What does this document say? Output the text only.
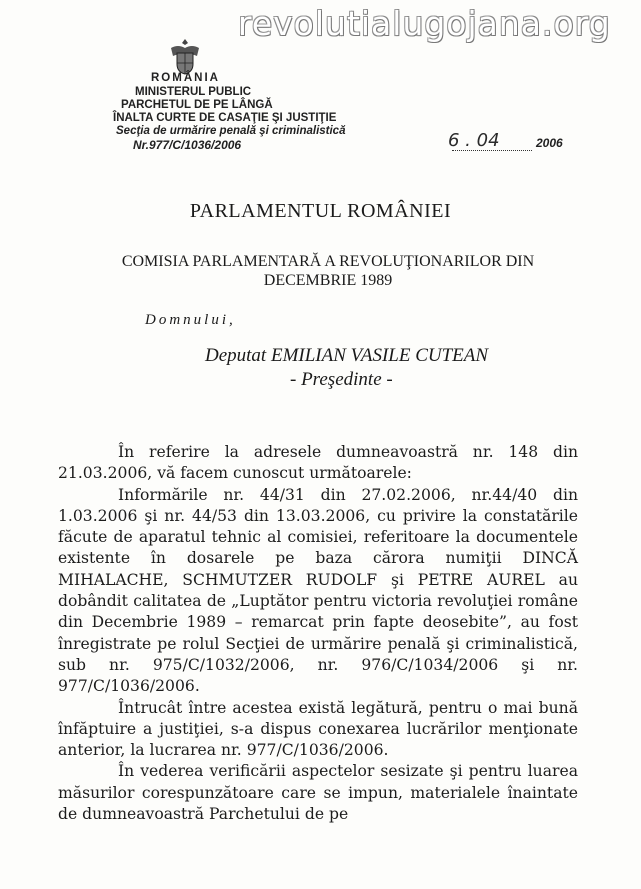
revolutialugojana.org
ROMÂNIA
MINISTERUL PUBLIC
PARCHETUL DE PE LÂNGĂ
ÎNALTA CURTE DE CASAŢIE ŞI JUSTIŢIE
Secţia de urmărire penală şi criminalistică
Nr.977/C/1036/2006	6 . 04	2006
PARLAMENTUL ROMÂNIEI
COMISIA PARLAMENTARĂ A REVOLUŢIONARILOR DIN DECEMBRIE 1989
Domnului,
Deputat EMILIAN VASILE CUTEAN
- Preşedinte -

În referire la adresele dumneavoastră nr. 148 din 21.03.2006, vă facem cunoscut următoarele:

Informările nr. 44/31 din 27.02.2006, nr.44/40 din 1.03.2006 şi nr. 44/53 din 13.03.2006, cu privire la constatările făcute de aparatul tehnic al comisiei, referitoare la documentele existente în dosarele pe baza cărora numiţii DINCĂ MIHALACHE, SCHMUTZER RUDOLF şi PETRE AUREL au dobândit calitatea de „Luptător pentru victoria revoluţiei române din Decembrie 1989 – remarcat prin fapte deosebite”, au fost înregistrate pe rolul Secţiei de urmărire penală şi criminalistică, sub nr. 975/C/1032/2006, nr. 976/C/1034/2006 şi nr. 977/C/1036/2006.

Întrucât între acestea există legătură, pentru o mai bună înfăptuire a justiţiei, s-a dispus conexarea lucrărilor menţionate anterior, la lucrarea nr. 977/C/1036/2006.

În vederea verificării aspectelor sesizate şi pentru luarea măsurilor corespunzătoare care se impun, materialele înaintate de dumneavoastră Parchetului de pe
